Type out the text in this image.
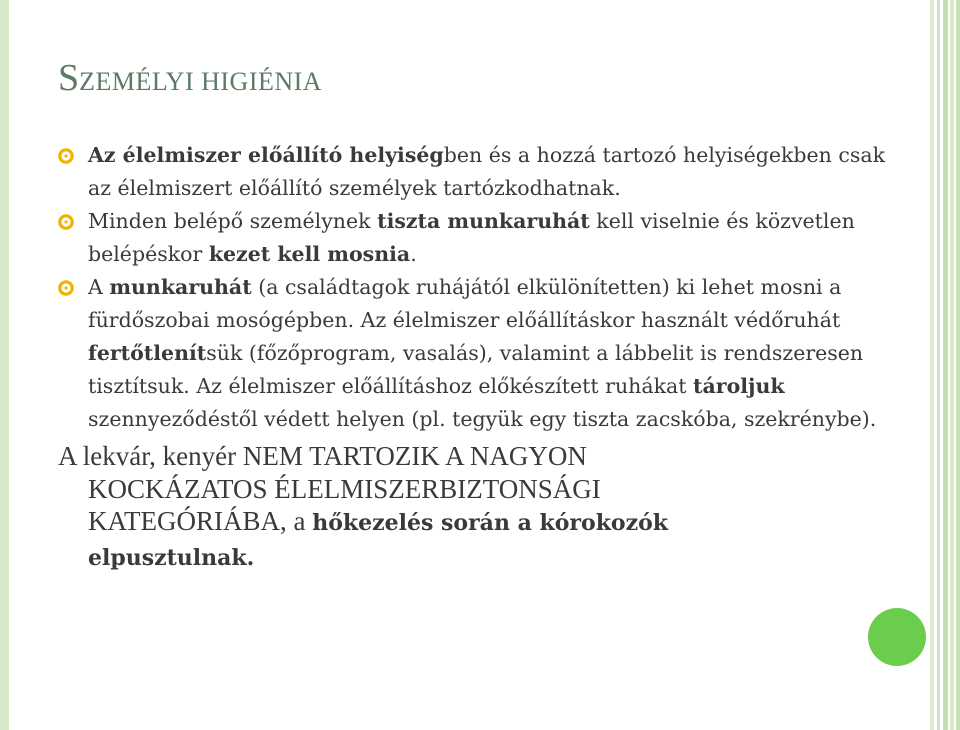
SZEMÉLYI HIGIÉNIA
Az élelmiszer előállító helyiségben és a hozzá tartozó helyiségekben csak az élelmiszert előállító személyek tartózkodhatnak.
Minden belépő személynek tiszta munkaruhát kell viselnie és közvetlen belépéskor kezet kell mosnia.
A munkaruhát (a családtagok ruhájától elkülönítetten) ki lehet mosni a fürdőszobai mosógépben. Az élelmiszer előállításkor használt védőruhát fertőtlenítsük (főzőprogram, vasalás), valamint a lábbelit is rendszeresen tisztítsuk. Az élelmiszer előállításhoz előkészített ruhákat tároljuk szennyeződéstől védett helyen (pl. tegyük egy tiszta zacskóba, szekrénybe).

A lekvár, kenyér NEM TARTOZIK A NAGYON
KOCKÁZATOS ÉLELMISZERBIZTONSÁGI
KATEGÓRIÁBA, a hőkezelés során a kórokozók
elpusztulnak.
